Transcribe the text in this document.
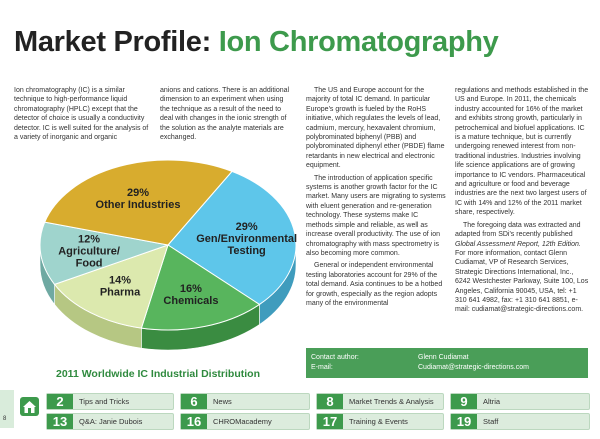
Market Profile: Ion Chromatography

Ion chromatography (IC) is a similar technique to high-performance liquid chromatography (HPLC) except that the detector of choice is usually a conductivity detector. IC is well suited for the analysis of a variety of inorganic and organic

anions and cations. There is an additional dimension to an experiment when using the technique as a result of the need to deal with changes in the ionic strength of the solution as the analyte materials are exchanged.

The US and Europe account for the majority of total IC demand. In particular Europe's growth is fueled by the RoHS initiative, which regulates the levels of lead, cadmium, mercury, hexavalent chromium, polybrominated biphenyl (PBB) and polybrominated diphenyl ether (PBDE) flame retardants in new electrical and electronic equipment.

The introduction of application specific systems is another growth factor for the IC market. Many users are migrating to systems with eluent generation and re-generation technology. These systems make IC methods simple and reliable, as well as increase overall productivity. The use of ion chromatography with mass spectrometry is also becoming more common.

General or independent environmental testing laboratories account for 29% of the total demand. Asia continues to be a hotbed for growth, especially as the region adopts many of the environmental

regulations and methods established in the US and Europe. In 2011, the chemicals industry accounted for 16% of the market and exhibits strong growth, particularly in petrochemical and biofuel applications. IC is a mature technique, but is currently undergoing renewed interest from non-traditional industries. Industries involving life science applications are of growing importance to IC vendors. Pharmaceutical and agriculture or food and beverage industries are the next two largest users of IC with 14% and 12% of the 2011 market share, respectively.

The foregoing data was extracted and adapted from SDi's recently published Global Assessment Report, 12th Edition. For more information, contact Glenn Cudiamat, VP of Research Services, Strategic Directions International, Inc., 6242 Westchester Parkway, Suite 100, Los Angeles, California 90045, USA, tel: +1 310 641 4982, fax: +1 310 641 8851, e-mail: cudiamat@strategic-directions.com.

29% Gen/Environmental Testing
16% Chemicals
14% Pharma
12% Agriculture/ Food
29% Other Industries
2011 Worldwide IC Industrial Distribution
Contact author:	Glenn Cudiamat
E-mail:	Cudiamat@strategic-directions.com
8
2	Tips and Tricks	6	News	8	Market Trends & Analysis	9	Altria
13	Q&A: Janie Dubois	16	CHROMacademy	17	Training & Events	19	Staff
